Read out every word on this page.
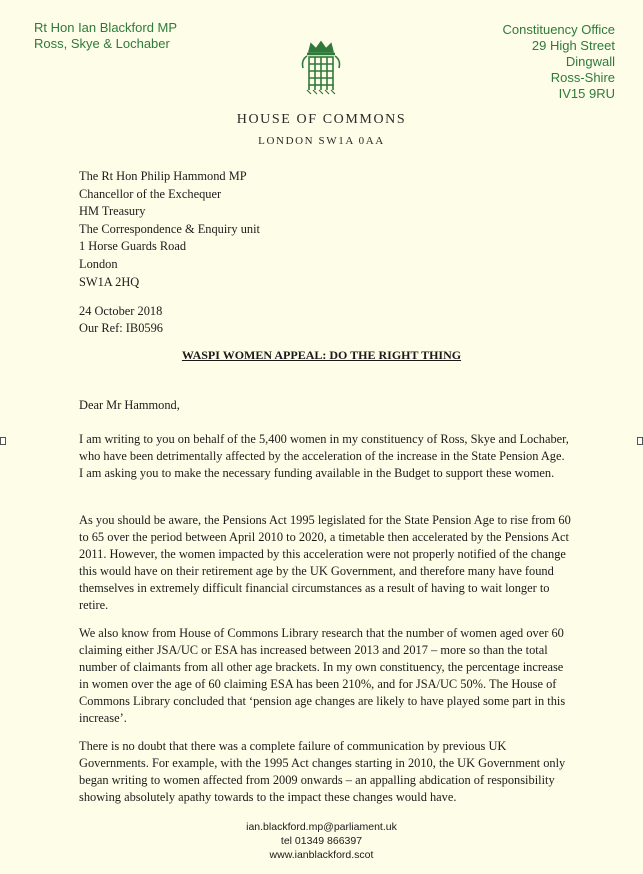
Rt Hon Ian Blackford MP
Ross, Skye & Lochaber
Constituency Office
29 High Street
Dingwall
Ross-Shire
IV15 9RU
HOUSE OF COMMONS
LONDON SW1A 0AA
The Rt Hon Philip Hammond MP
Chancellor of the Exchequer
HM Treasury
The Correspondence & Enquiry unit
1 Horse Guards Road
London
SW1A 2HQ
24 October 2018
Our Ref: IB0596
WASPI WOMEN APPEAL: DO THE RIGHT THING
Dear Mr Hammond,
I am writing to you on behalf of the 5,400 women in my constituency of Ross, Skye and Lochaber, who have been detrimentally affected by the acceleration of the increase in the State Pension Age. I am asking you to make the necessary funding available in the Budget to support these women.
As you should be aware, the Pensions Act 1995 legislated for the State Pension Age to rise from 60 to 65 over the period between April 2010 to 2020, a timetable then accelerated by the Pensions Act 2011. However, the women impacted by this acceleration were not properly notified of the change this would have on their retirement age by the UK Government, and therefore many have found themselves in extremely difficult financial circumstances as a result of having to wait longer to retire.
We also know from House of Commons Library research that the number of women aged over 60 claiming either JSA/UC or ESA has increased between 2013 and 2017 – more so than the total number of claimants from all other age brackets. In my own constituency, the percentage increase in women over the age of 60 claiming ESA has been 210%, and for JSA/UC 50%. The House of Commons Library concluded that ‘pension age changes are likely to have played some part in this increase’.
There is no doubt that there was a complete failure of communication by previous UK Governments. For example, with the 1995 Act changes starting in 2010, the UK Government only began writing to women affected from 2009 onwards – an appalling abdication of responsibility showing absolutely apathy towards to the impact these changes would have.
ian.blackford.mp@parliament.uk
tel 01349 866397
www.ianblackford.scot
